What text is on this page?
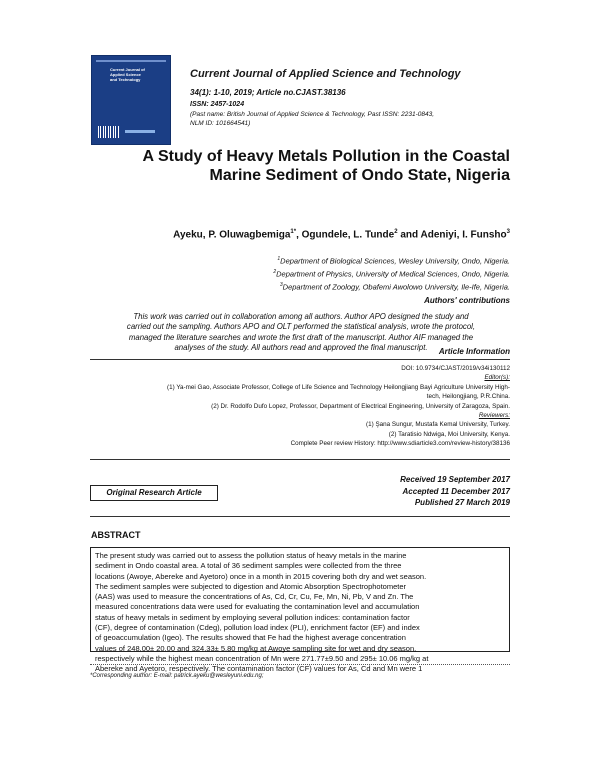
Current Journal of
Applied Science
and Technology	Current Journal of Applied Science and Technology
34(1): 1-10, 2019; Article no.CJAST.38136
ISSN: 2457-1024
(Past name: British Journal of Applied Science & Technology, Past ISSN: 2231-0843,
NLM ID: 101664541)
A Study of Heavy Metals Pollution in the Coastal
Marine Sediment of Ondo State, Nigeria
Ayeku, P. Oluwagbemiga$^{1*}$, Ogundele, L. Tunde$^2$ and Adeniyi, I. Funsho$^3$
$^1$Department of Biological Sciences, Wesley University, Ondo, Nigeria.
$^2$Department of Physics, University of Medical Sciences, Ondo, Nigeria.
$^3$Department of Zoology, Obafemi Awolowo University, Ile-Ife, Nigeria.
Authors' contributions
This work was carried out in collaboration among all authors. Author APO designed the study and
carried out the sampling. Authors APO and OLT performed the statistical analysis, wrote the protocol,
managed the literature searches and wrote the first draft of the manuscript. Author AIF managed the
analyses of the study. All authors read and approved the final manuscript.	Article Information
DOI: 10.9734/CJAST/2019/v34i130112
Editor(s):
(1) Ya-mei Gao, Associate Professor, College of Life Science and Technology Heilongjiang Bayi Agriculture University High-
tech, Heilongjiang, P.R.China.
(2) Dr. Rodolfo Dufo Lopez, Professor, Department of Electrical Engineering, University of Zaragoza, Spain.
Reviewers:
(1) Şana Sungur, Mustafa Kemal University, Turkey.
(2) Taratisio Ndwiga, Moi University, Kenya.
Complete Peer review History: http://www.sdiarticle3.com/review-history/38136
Received 19 September 2017
Accepted 11 December 2017
Published 27 March 2019
Original Research Article
ABSTRACT
The present study was carried out to assess the pollution status of heavy metals in the marine
sediment in Ondo coastal area. A total of 36 sediment samples were collected from the three
locations (Awoye, Abereke and Ayetoro) once in a month in 2015 covering both dry and wet season.
The sediment samples were subjected to digestion and Atomic Absorption Spectrophotometer
(AAS) was used to measure the concentrations of As, Cd, Cr, Cu, Fe, Mn, Ni, Pb, V and Zn. The
measured concentrations data were used for evaluating the contamination level and accumulation
status of heavy metals in sediment by employing several pollution indices: contamination factor
(CF), degree of contamination (Cdeg), pollution load index (PLI), enrichment factor (EF) and index
of geoaccumulation (Igeo). The results showed that Fe had the highest average concentration
values of 248.00± 20.00 and 324.33± 5.80 mg/kg at Awoye sampling site for wet and dry season,
respectively while the highest mean concentration of Mn were 271.77±9.50 and 295± 10.06 mg/kg at
Abereke and Ayetoro, respectively. The contamination factor (CF) values for As, Cd and Mn were 1
*Corresponding author: E-mail: patrick.ayeku@wesleyuni.edu.ng;
